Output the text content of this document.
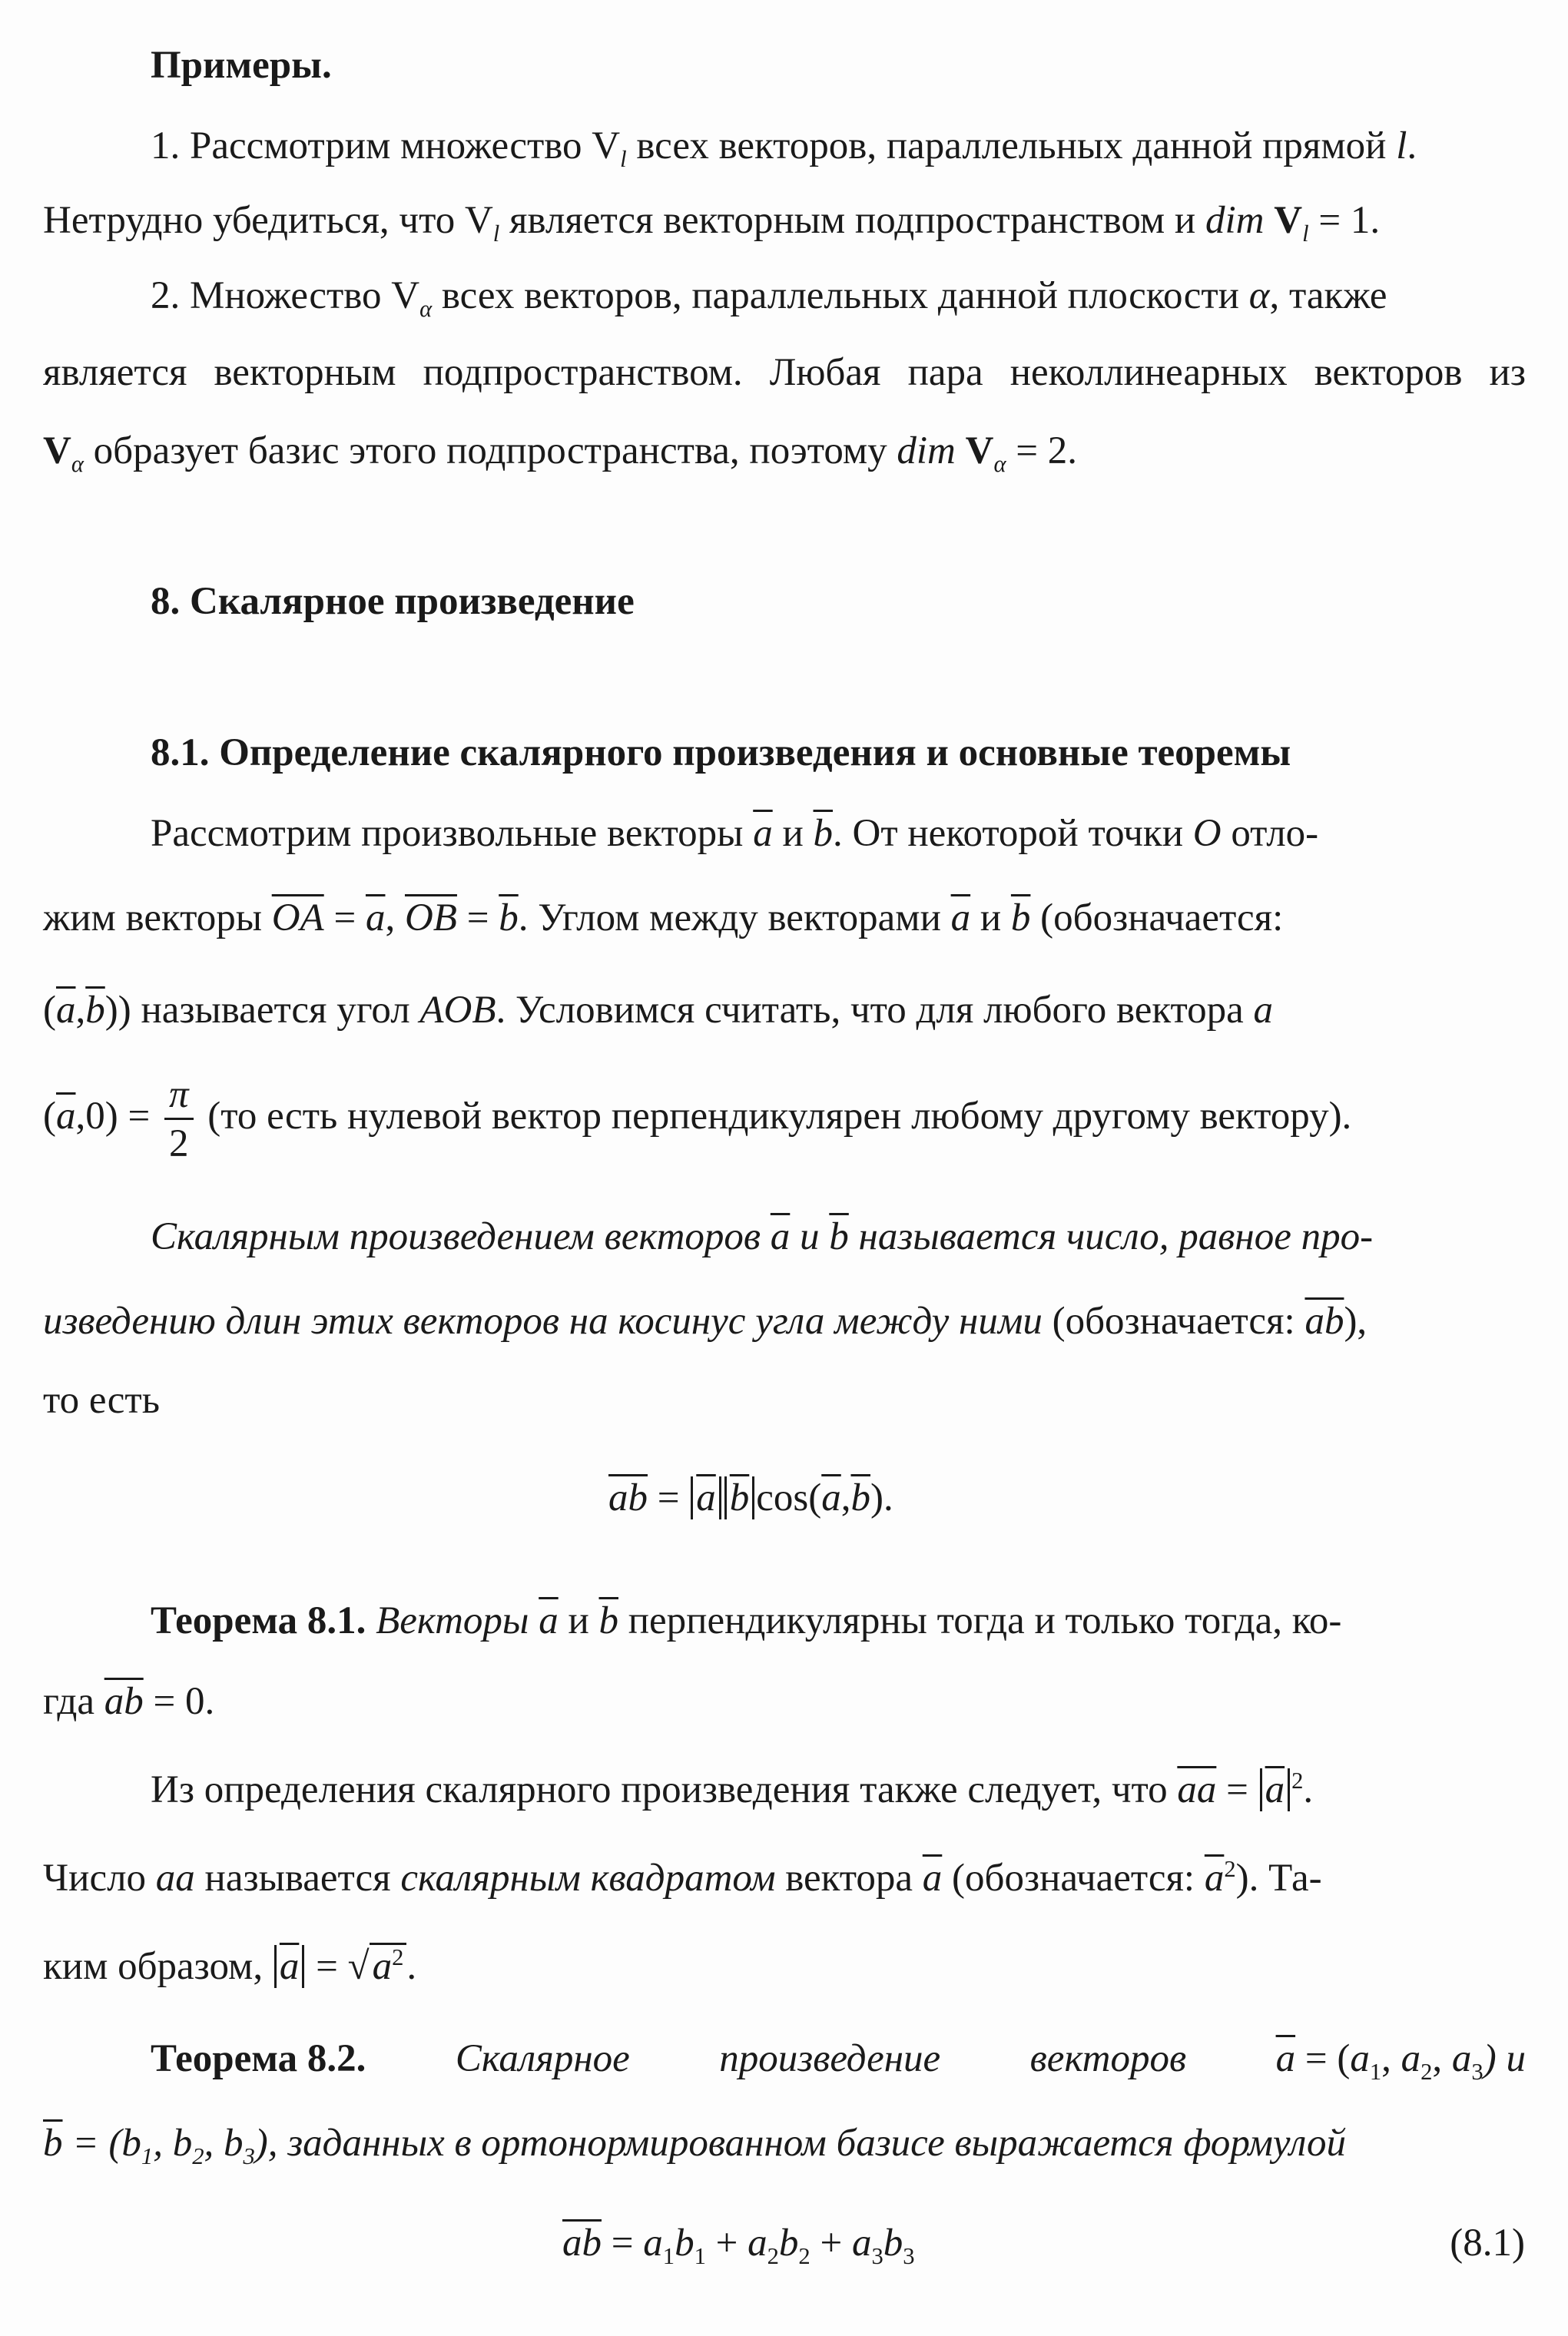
Примеры.
1. Рассмотрим множество $V_l$ всех векторов, параллельных данной прямой l.
Нетрудно убедиться, что $V_l$ является векторным подпространством и dim $V_l = 1$.
2. Множество $V_\alpha$ всех векторов, параллельных данной плоскости α, также
является векторным подпространством. Любая пара неколлинеарных векторов из
$V_\alpha$ образует базис этого подпространства, поэтому dim $V_\alpha = 2$.
8. Скалярное произведение
8.1. Определение скалярного произведения и основные теоремы
Рассмотрим произвольные векторы $\overline{a}$ и $\overline{b}$. От некоторой точки O отло-
жим векторы $\overline{OA} = \overline{a}$, $\overline{OB} = \overline{b}$. Углом между векторами $\overline{a}$ и $\overline{b}$ (обозначается:
$(\overline{a},\overline{b})$) называется угол AOB. Условимся считать, что для любого вектора a
$(\overline{a},0) = \frac{\pi}{2} (то$ есть нулевой вектор перпендикулярен любому другому вектору).
Скалярным произведением векторов $\overline{a}$ и $\overline{b}$ называется число, равное про-
изведению длин этих векторов на косинус угла между ними (обозначается: $\overline{ab}$),
то есть
$\overline{ab} = \overline{a}$ $\overline{b}$ $\cos(\overline{a},\overline{b})$.
Теорема 8.1. Векторы $\overline{a}$ и $\overline{b}$ перпендикулярны тогда и только тогда, ко-
гда $\overline{ab} = 0$.
Из определения скалярного произведения также следует, что $\overline{aa} = \overline{a}$ $^2$.
Число aa называется скалярным квадратом вектора $\overline{a}$ (обозначается: $\overline{a}^2$). Та-
ким образом, $\overline{a} = √a^2$.
Теорема 8.2. Скалярное произведение векторов $\overline{a} = (a_1$, $a_2$, $a_3$) и
$\overline{b} = (b_1$, $b_2$, $b_3$), заданных в ортонормированном базисе выражается формулой
$\overline{ab} = a_1b_1 + a_2b_2 + a_3b_3$	(8.1)
